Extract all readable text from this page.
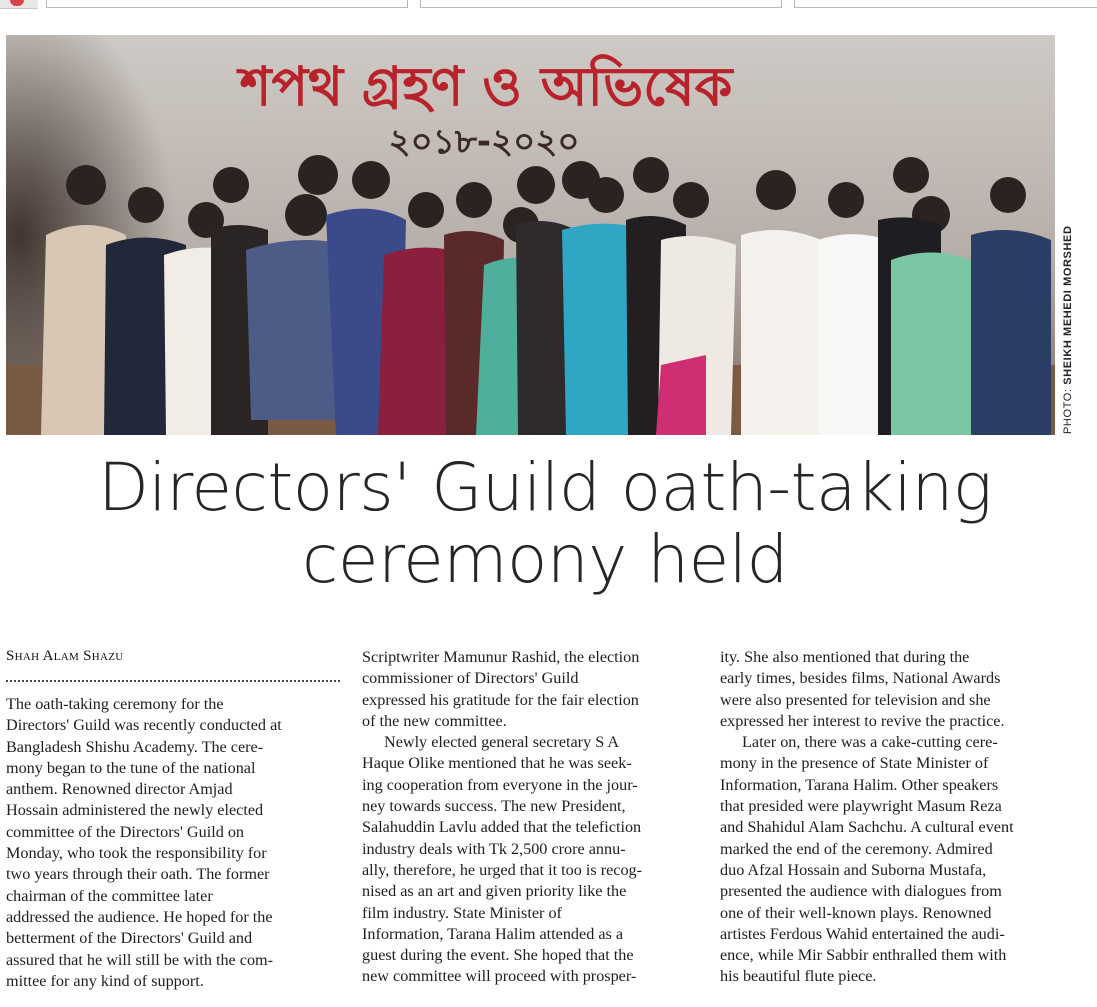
শপথ গ্রহণ ও অভিষেক
২০১৮-২০২০
PHOTO: SHEIKH MEHEDI MORSHED
Directors' Guild oath-taking
ceremony held
Shah Alam Shazu

The oath-taking ceremony for the

Directors' Guild was recently conducted at

Bangladesh Shishu Academy. The cere-

mony began to the tune of the national

anthem. Renowned director Amjad

Hossain administered the newly elected

committee of the Directors' Guild on

Monday, who took the responsibility for

two years through their oath. The former

chairman of the committee later

addressed the audience. He hoped for the

betterment of the Directors' Guild and

assured that he will still be with the com-

mittee for any kind of support.

Scriptwriter Mamunur Rashid, the election

commissioner of Directors' Guild

expressed his gratitude for the fair election

of the new committee.

Newly elected general secretary S A

Haque Olike mentioned that he was seek-

ing cooperation from everyone in the jour-

ney towards success. The new President,

Salahuddin Lavlu added that the telefiction

industry deals with Tk 2,500 crore annu-

ally, therefore, he urged that it too is recog-

nised as an art and given priority like the

film industry. State Minister of

Information, Tarana Halim attended as a

guest during the event. She hoped that the

new committee will proceed with prosper-

ity. She also mentioned that during the

early times, besides films, National Awards

were also presented for television and she

expressed her interest to revive the practice.

Later on, there was a cake-cutting cere-

mony in the presence of State Minister of

Information, Tarana Halim. Other speakers

that presided were playwright Masum Reza

and Shahidul Alam Sachchu. A cultural event

marked the end of the ceremony. Admired

duo Afzal Hossain and Suborna Mustafa,

presented the audience with dialogues from

one of their well-known plays. Renowned

artistes Ferdous Wahid entertained the audi-

ence, while Mir Sabbir enthralled them with

his beautiful flute piece.
